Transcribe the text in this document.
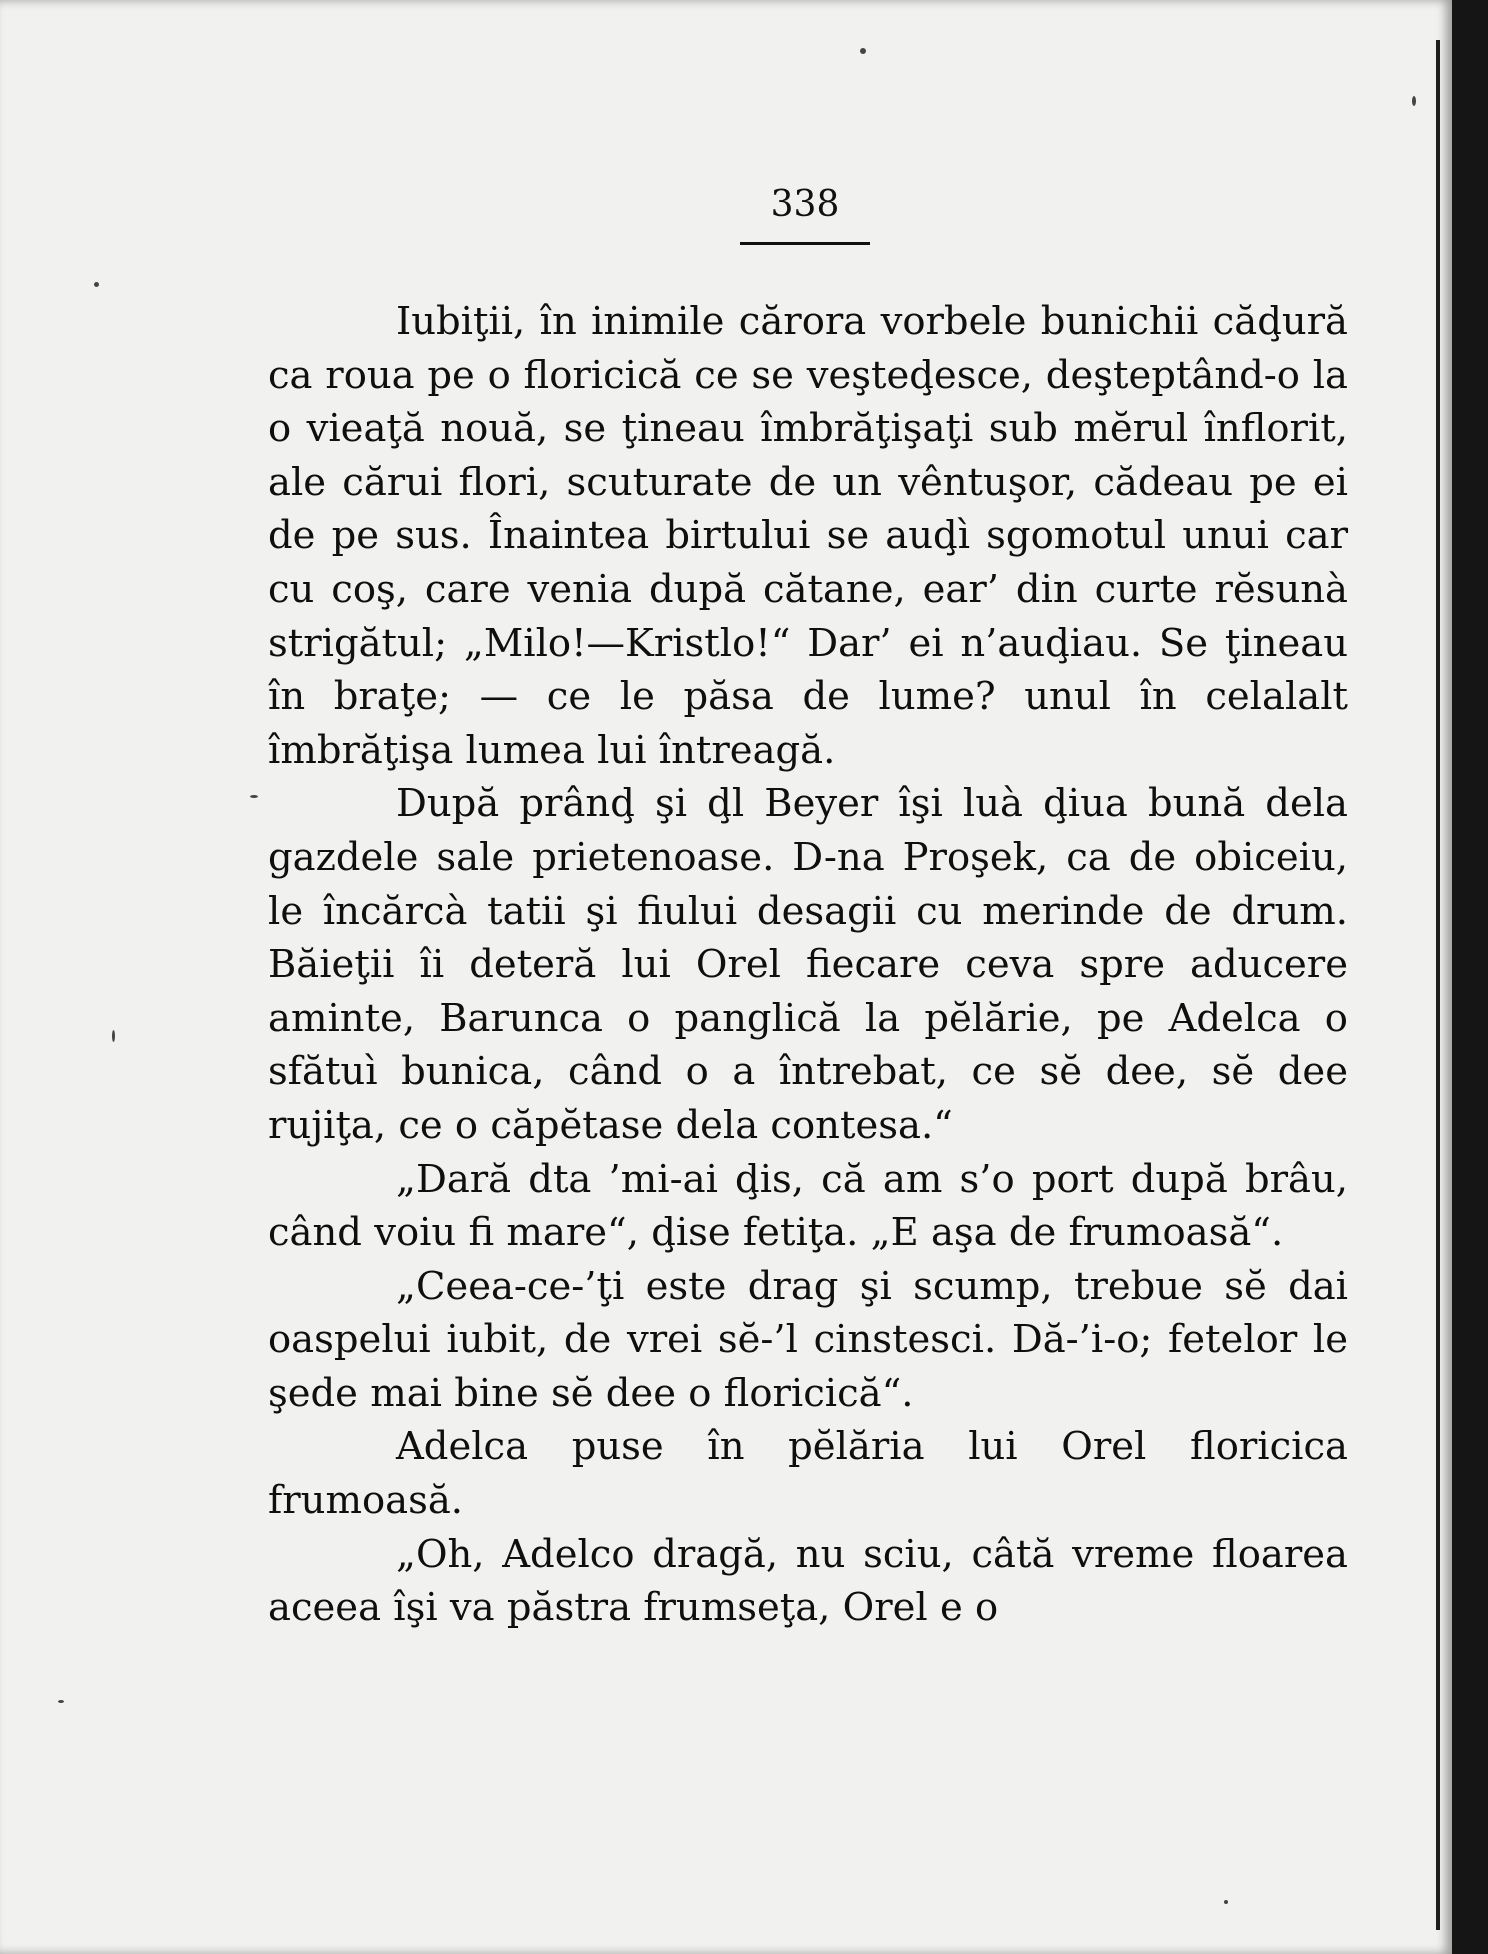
338

Iubiţii, în inimile cărora vorbele bunichii căḑură ca roua pe o floricică ce se veşteḑesce, deşteptând-o la o vieaţă nouă, se ţineau îmbrăţişaţi sub mĕrul înflorit, ale cărui flori, scuturate de un vêntuşor, cădeau pe ei de pe sus. Înaintea birtului se auḑì sgomotul unui car cu coş, care venia după cătane, ear’ din curte rĕsunà strigătul; „Milo!—Kristlo!“ Dar’ ei n’auḑiau. Se ţineau în braţe; — ce le păsa de lume? unul în celalalt îmbrăţişa lumea lui întreagă.

După prânḑ şi ḑl Beyer îşi luà ḑiua bună dela gazdele sale prietenoase. D-na Proşek, ca de obiceiu, le încărcà tatii şi fiului desagii cu merinde de drum. Băieţii îi deteră lui Orel fiecare ceva spre aducere aminte, Barunca o panglică la pĕlărie, pe Adelca o sfătuì bunica, când o a întrebat, ce sĕ dee, sĕ dee rujiţa, ce o căpĕtase dela contesa.“

„Dară dta ’mi-ai ḑis, că am s’o port după brâu, când voiu fi mare“, ḑise fetiţa. „E aşa de frumoasă“.

„Ceea-ce-’ţi este drag şi scump, trebue sĕ dai oaspelui iubit, de vrei sĕ-’l cinstesci. Dă-’i-o; fetelor le şede mai bine sĕ dee o floricică“.

Adelca puse în pĕlăria lui Orel floricica frumoasă.

„Oh, Adelco dragă, nu sciu, câtă vreme floarea aceea îşi va păstra frumseţa, Orel e o
